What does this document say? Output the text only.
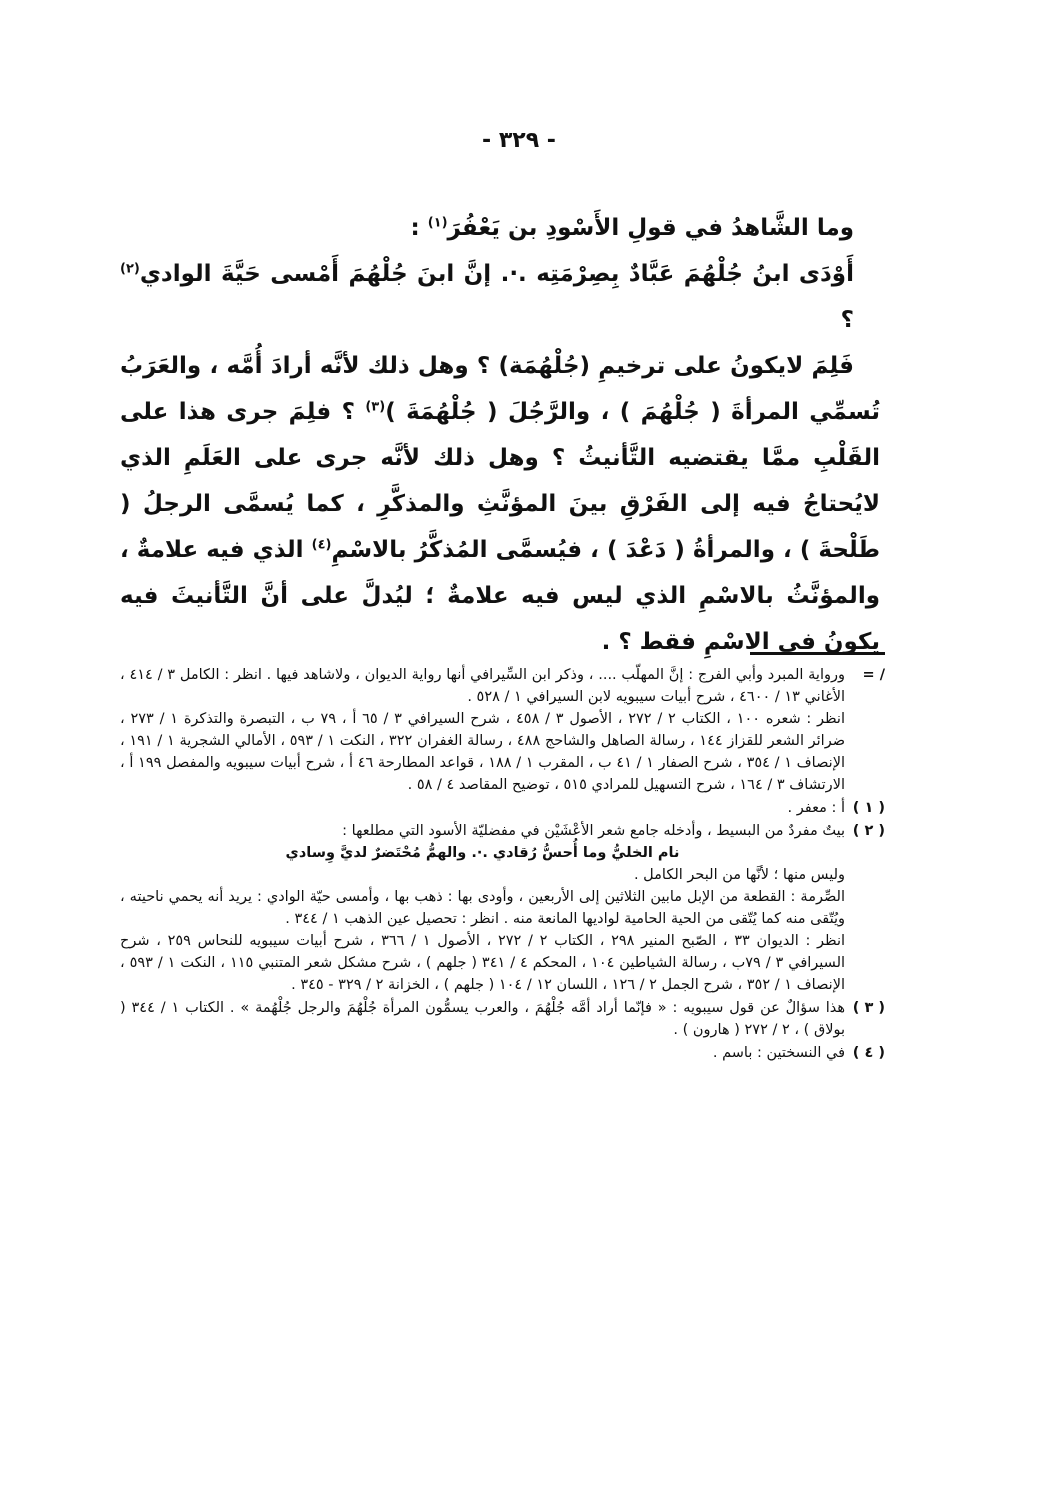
- ٣٢٩ -

وما الشَّاهدُ في قولِ الأَسْودِ بن يَعْفُرَ$^{(١)}$ :

أَوْدَى ابنُ جُلْهُمَ عَبَّادٌ بِصِرْمَتِه .·. إنَّ ابنَ جُلْهُمَ أَمْسى حَيَّةَ الوادي$^{(٢)}$ ؟

فَلِمَ لايكونُ على ترخيمِ (جُلْهُمَة) ؟ وهل ذلك لأنَّه أرادَ أُمَّه ، والعَرَبُ تُسمِّي المرأةَ ( جُلْهُمَ ) ، والرَّجُلَ ( جُلْهُمَةَ )$^{(٣)}$ ؟ فلِمَ جرى هذا على القَلْبِ ممَّا يقتضيه التَّأنيثُ ؟ وهل ذلك لأنَّه جرى على العَلَمِ الذي لايُحتاجُ فيه إلى الفَرْقِ بينَ المؤنَّثِ والمذكَّرِ ، كما يُسمَّى الرجلُ ( طَلْحةَ ) ، والمرأةُ ( دَعْدَ ) ، فيُسمَّى المُذكَّرُ بالاسْمِ$^{(٤)}$ الذي فيه علامةٌ ، والمؤنَّثُ بالاسْمِ الذي ليس فيه علامةٌ ؛ ليُدلَّ على أنَّ التَّأنيثَ فيه يكونُ في الاسْمِ فقط ؟ .

/ =

ورواية المبرد وأبي الفرج : إنَّ المهلّب .... ، وذكر ابن السِّيرافي أنها رواية الديوان ، ولاشاهد فيها . انظر : الكامل ٣ / ٤١٤ ، الأغاني ١٣ / ٤٦٠٠ ، شرح أبيات سيبويه لابن السيرافي ١ / ٥٢٨ .

انظر : شعره ١٠٠ ، الكتاب ٢ / ٢٧٢ ، الأصول ٣ / ٤٥٨ ، شرح السيرافي ٣ / ٦٥ أ ، ٧٩ ب ، التبصرة والتذكرة ١ / ٢٧٣ ، ضرائر الشعر للقزاز ١٤٤ ، رسالة الصاهل والشاحج ٤٨٨ ، رسالة الغفران ٣٢٢ ، النكت ١ / ٥٩٣ ، الأمالي الشجرية ١ / ١٩١ ، الإنصاف ١ / ٣٥٤ ، شرح الصفار ١ / ٤١ ب ، المقرب ١ / ١٨٨ ، قواعد المطارحة ٤٦ أ ، شرح أبيات سيبويه والمفصل ١٩٩ أ ، الارتشاف ٣ / ١٦٤ ، شرح التسهيل للمرادي ٥١٥ ، توضيح المقاصد ٤ / ٥٨ .

( ١ )

أ : معفر .

( ٢ )

بيتٌ مفردٌ من البسيط ، وأدخله جامع شعر الأعْشَيْن في مفضليّة الأسود التي مطلعها :

نام الخليُّ وما أُحسُّ رُقادي .·. والهمُّ مُحْتَضرٌ لديَّ وِسادي

وليس منها ؛ لأنَّها من البحر الكامل .

الصِّرمة : القطعة من الإبل مابين الثلاثين إلى الأربعين ، وأودى بها : ذهب بها ، وأمسى حيّة الوادي : يريد أنه يحمي ناحيته ، ويُتّقى منه كما يُتّقى من الحية الحامية لواديها المانعة منه . انظر : تحصيل عين الذهب ١ / ٣٤٤ .

انظر : الديوان ٣٣ ، الصّبح المنير ٢٩٨ ، الكتاب ٢ / ٢٧٢ ، الأصول ١ / ٣٦٦ ، شرح أبيات سيبويه للنحاس ٢٥٩ ، شرح السيرافي ٣ / ٧٩ب ، رسالة الشياطين ١٠٤ ، المحكم ٤ / ٣٤١ ( جلهم ) ، شرح مشكل شعر المتنبي ١١٥ ، النكت ١ / ٥٩٣ ، الإنصاف ١ / ٣٥٢ ، شرح الجمل ٢ / ١٢٦ ، اللسان ١٢ / ١٠٤ ( جلهم ) ، الخزانة ٢ / ٣٢٩ - ٣٤٥ .

( ٣ )

هذا سؤالٌ عن قول سيبويه : « فإنّما أراد أمَّه جُلْهُمَ ، والعرب يسمُّون المرأة جُلْهُمَ والرجل جُلْهُمة » . الكتاب ١ / ٣٤٤ ( بولاق ) ، ٢ / ٢٧٢ ( هارون ) .

( ٤ )

في النسختين : باسم .
